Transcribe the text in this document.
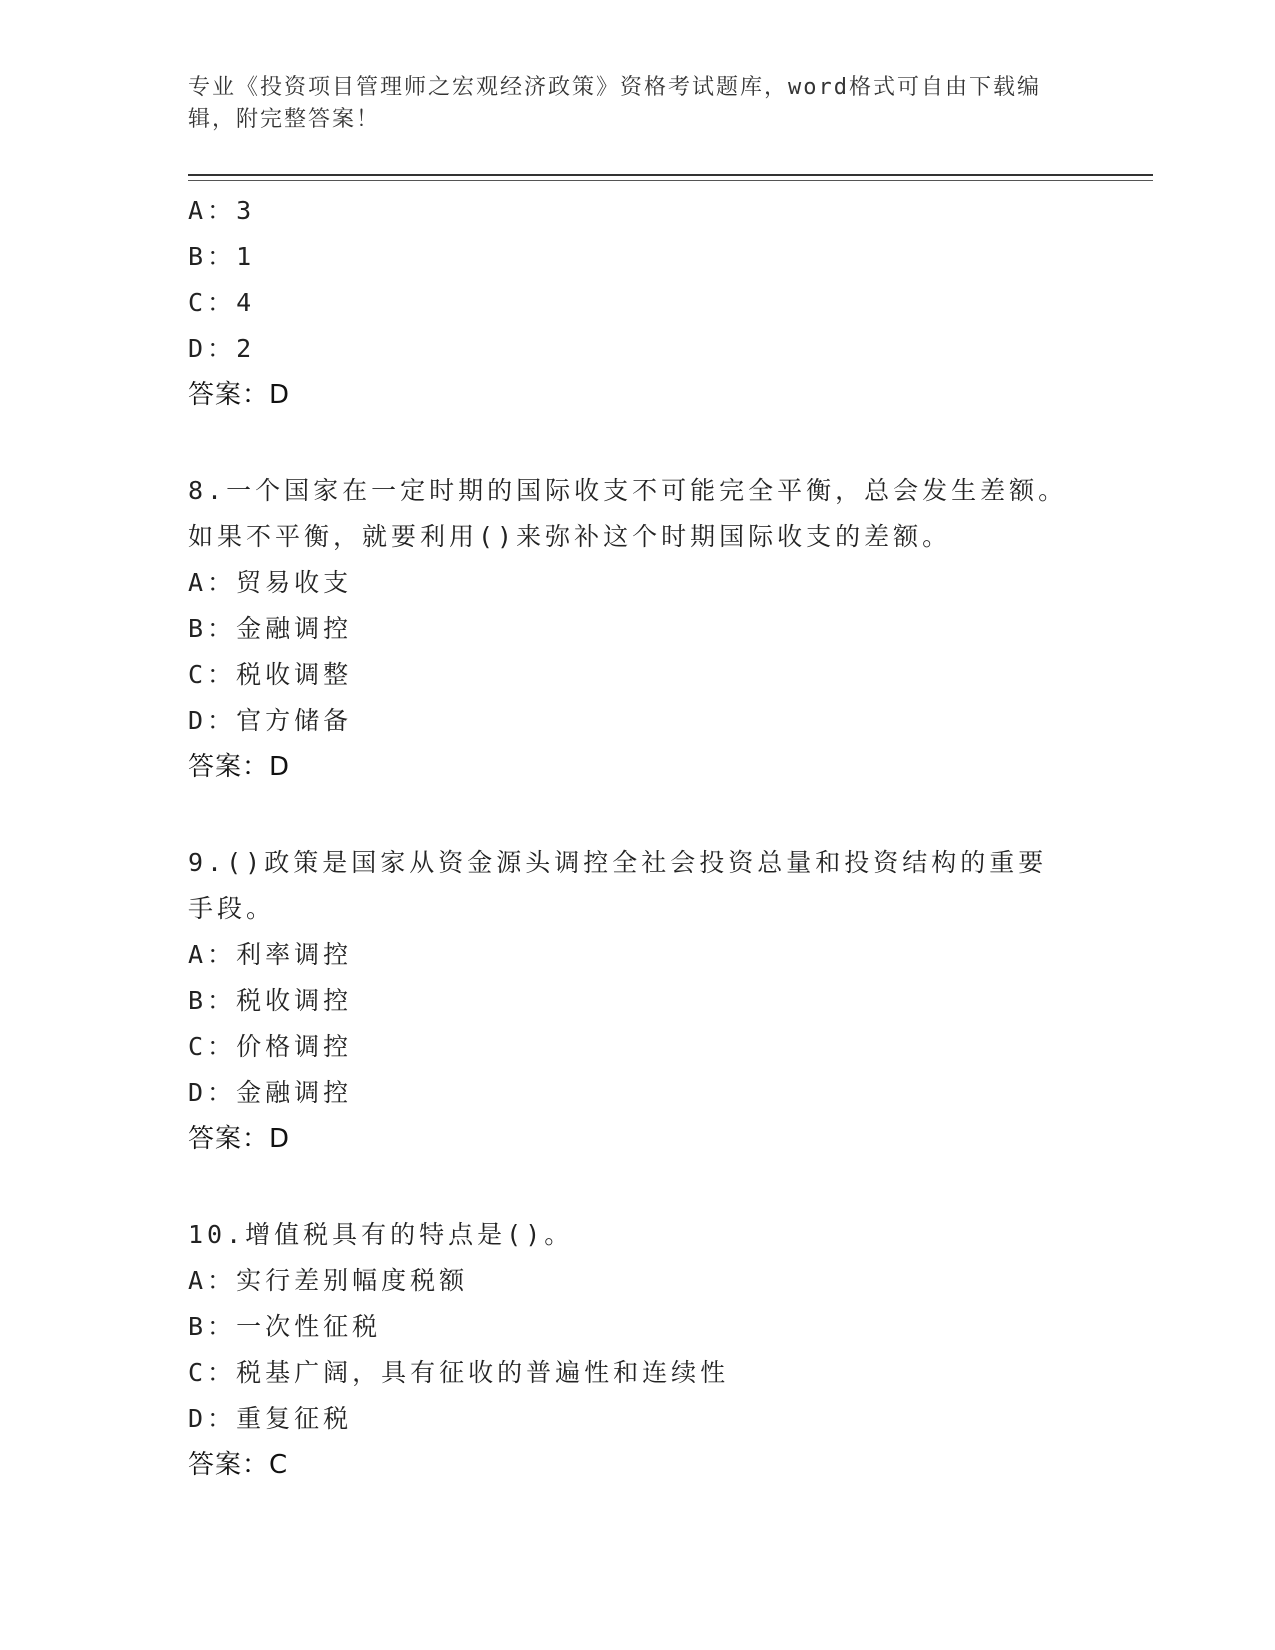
专业《投资项目管理师之宏观经济政策》资格考试题库，word格式可自由下载编辑，附完整答案！
A：3
B：1
C：4
D：2
答案：D
8.一个国家在一定时期的国际收支不可能完全平衡，总会发生差额。如果不平衡，就要利用()来弥补这个时期国际收支的差额。
A：贸易收支
B：金融调控
C：税收调整
D：官方储备
答案：D
9.()政策是国家从资金源头调控全社会投资总量和投资结构的重要手段。
A：利率调控
B：税收调控
C：价格调控
D：金融调控
答案：D
10.增值税具有的特点是()。
A：实行差别幅度税额
B：一次性征税
C：税基广阔，具有征收的普遍性和连续性
D：重复征税
答案：C
